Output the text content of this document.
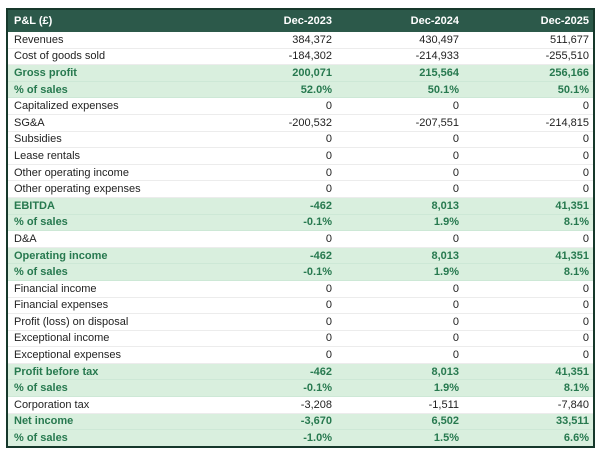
P&L (£)	Dec-2023	Dec-2024	Dec-2025
Revenues	384,372	430,497	511,677
Cost of goods sold	-184,302	-214,933	-255,510
Gross profit	200,071	215,564	256,166
% of sales	52.0%	50.1%	50.1%
Capitalized expenses	0	0	0
SG&A	-200,532	-207,551	-214,815
Subsidies	0	0	0
Lease rentals	0	0	0
Other operating income	0	0	0
Other operating expenses	0	0	0
EBITDA	-462	8,013	41,351
% of sales	-0.1%	1.9%	8.1%
D&A	0	0	0
Operating income	-462	8,013	41,351
% of sales	-0.1%	1.9%	8.1%
Financial income	0	0	0
Financial expenses	0	0	0
Profit (loss) on disposal	0	0	0
Exceptional income	0	0	0
Exceptional expenses	0	0	0
Profit before tax	-462	8,013	41,351
% of sales	-0.1%	1.9%	8.1%
Corporation tax	-3,208	-1,511	-7,840
Net income	-3,670	6,502	33,511
% of sales	-1.0%	1.5%	6.6%
